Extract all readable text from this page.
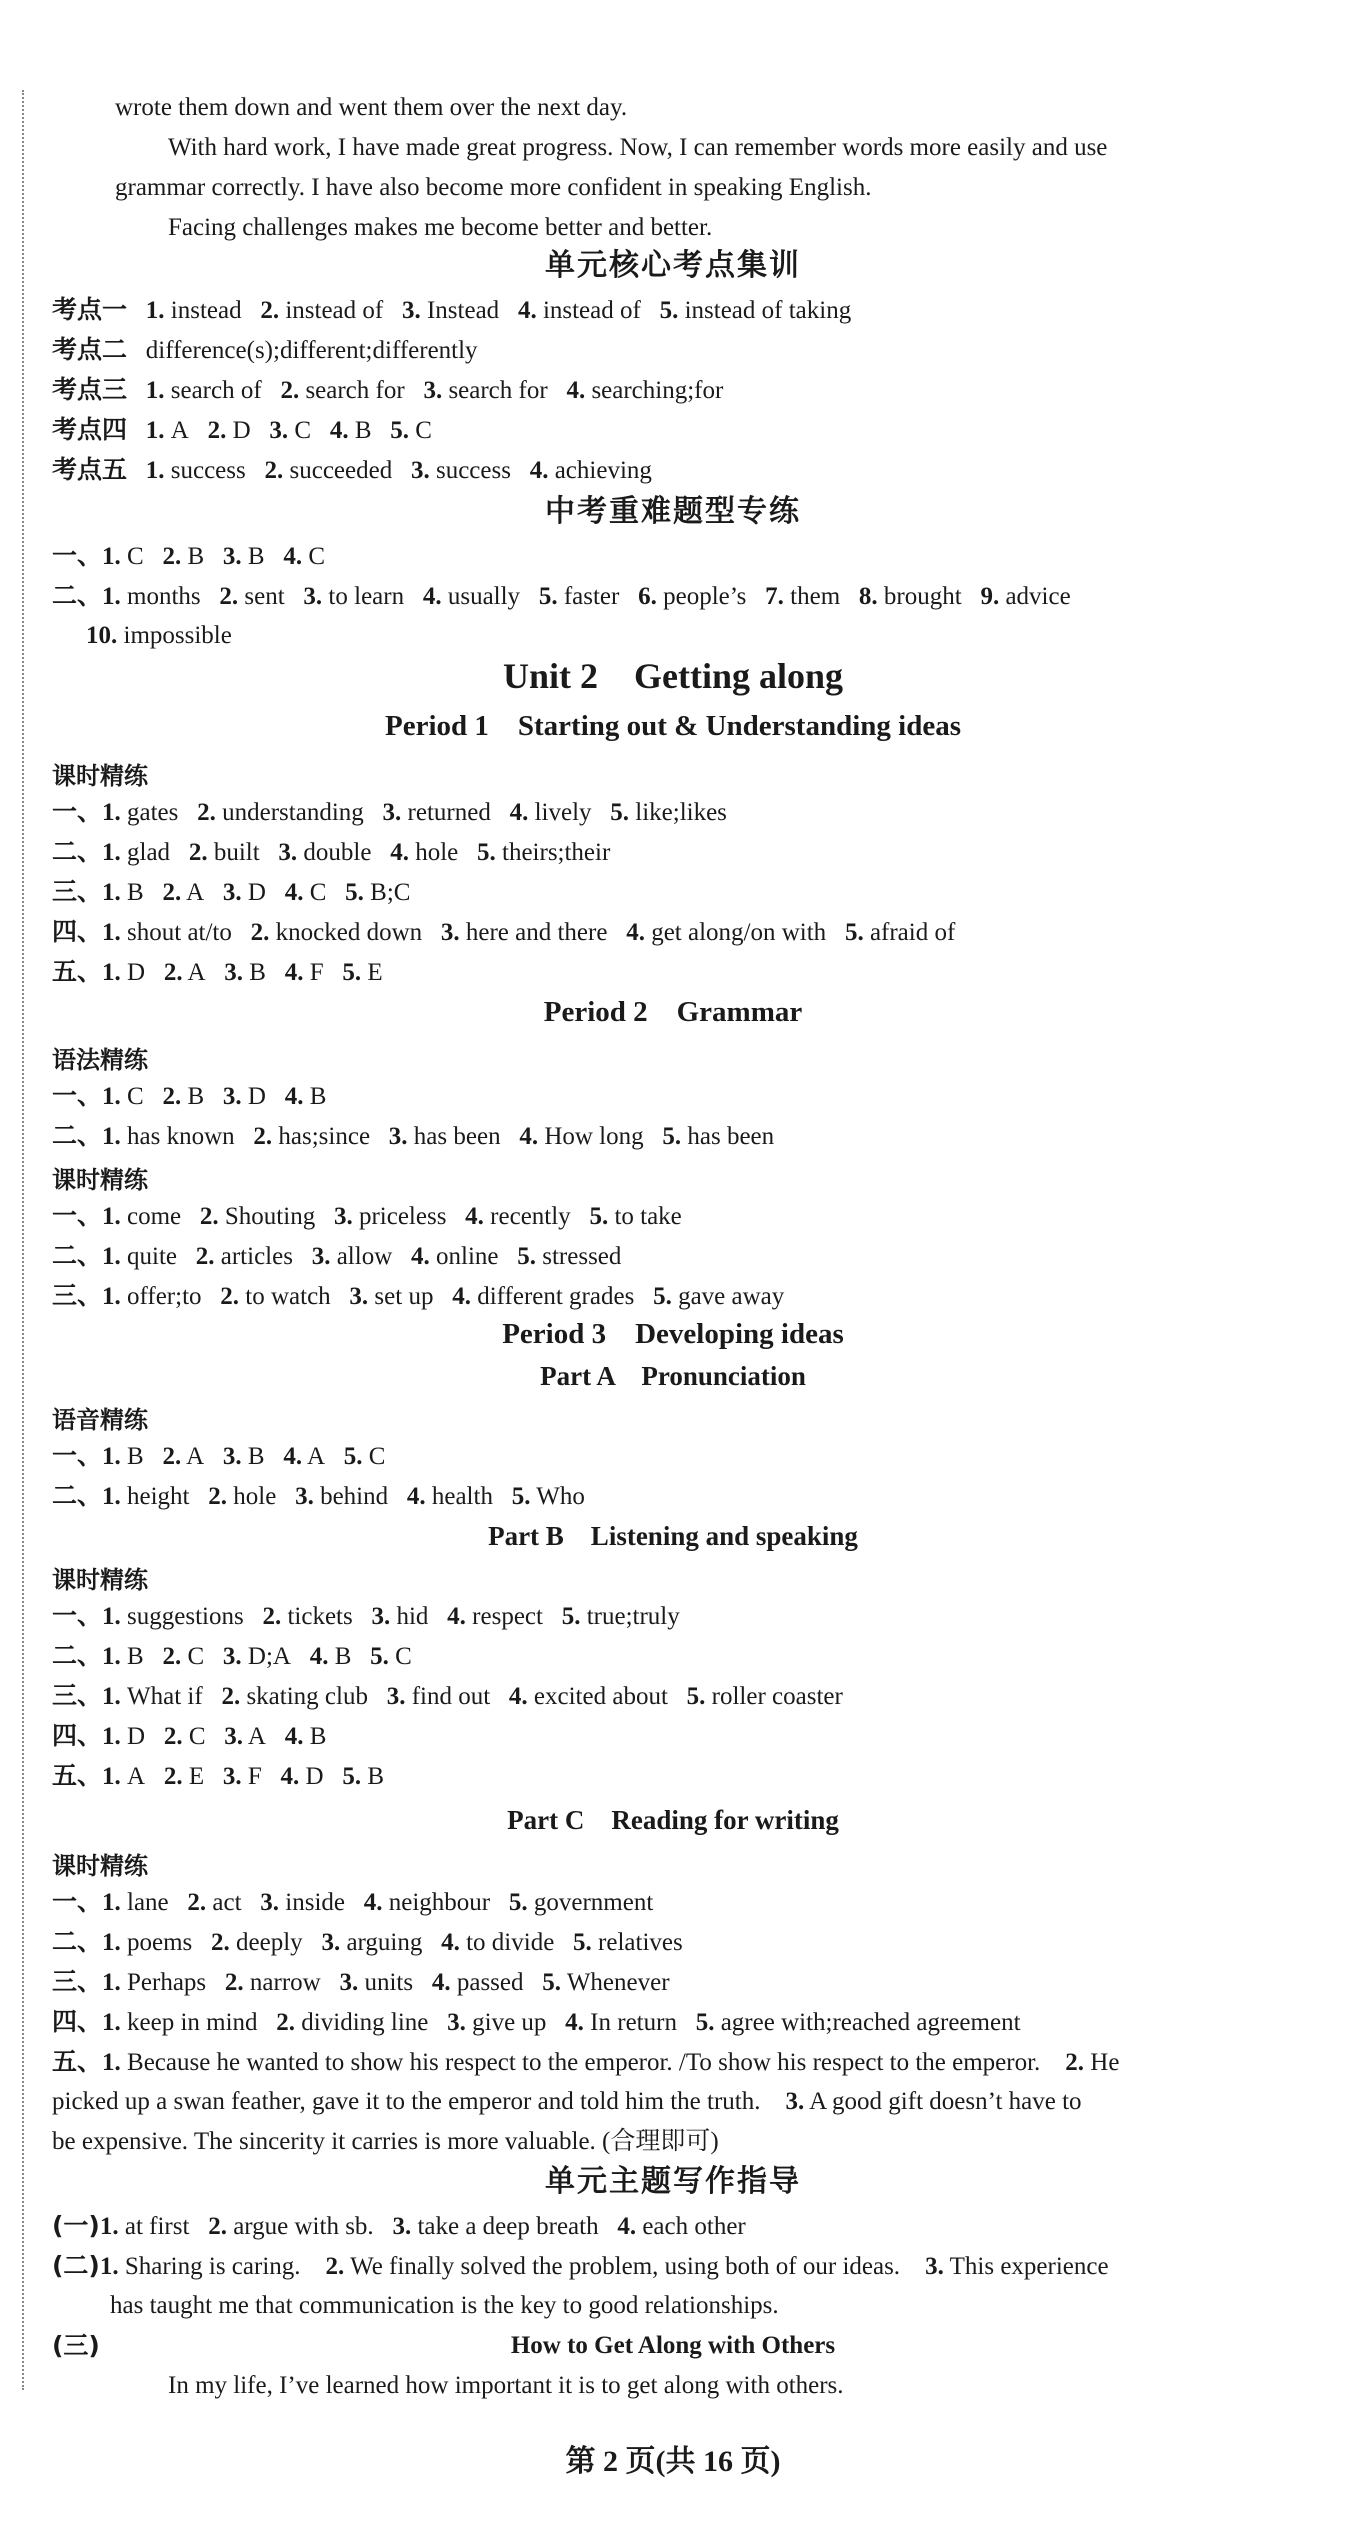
wrote them down and went them over the next day.
With hard work, I have made great progress. Now, I can remember words more easily and use
grammar correctly. I have also become more confident in speaking English.
Facing challenges makes me become better and better.
单元核心考点集训
考点一 1. instead 2. instead of 3. Instead 4. instead of 5. instead of taking
考点二 difference(s);different;differently
考点三 1. search of 2. search for 3. search for 4. searching;for
考点四 1. A 2. D 3. C 4. B 5. C
考点五 1. success 2. succeeded 3. success 4. achieving
中考重难题型专练
一、1. C 2. B 3. B 4. C
二、1. months 2. sent 3. to learn 4. usually 5. faster 6. people’s 7. them 8. brought 9. advice
10. impossible
Unit 2    Getting along
Period 1    Starting out & Understanding ideas
课时精练
一、1. gates 2. understanding 3. returned 4. lively 5. like;likes
二、1. glad 2. built 3. double 4. hole 5. theirs;their
三、1. B 2. A 3. D 4. C 5. B;C
四、1. shout at/to 2. knocked down 3. here and there 4. get along/on with 5. afraid of
五、1. D 2. A 3. B 4. F 5. E
Period 2    Grammar
语法精练
一、1. C 2. B 3. D 4. B
二、1. has known 2. has;since 3. has been 4. How long 5. has been
课时精练
一、1. come 2. Shouting 3. priceless 4. recently 5. to take
二、1. quite 2. articles 3. allow 4. online 5. stressed
三、1. offer;to 2. to watch 3. set up 4. different grades 5. gave away
Period 3    Developing ideas
Part A    Pronunciation
语音精练
一、1. B 2. A 3. B 4. A 5. C
二、1. height 2. hole 3. behind 4. health 5. Who
Part B    Listening and speaking
课时精练
一、1. suggestions 2. tickets 3. hid 4. respect 5. true;truly
二、1. B 2. C 3. D;A 4. B 5. C
三、1. What if 2. skating club 3. find out 4. excited about 5. roller coaster
四、1. D 2. C 3. A 4. B
五、1. A 2. E 3. F 4. D 5. B
Part C    Reading for writing
课时精练
一、1. lane 2. act 3. inside 4. neighbour 5. government
二、1. poems 2. deeply 3. arguing 4. to divide 5. relatives
三、1. Perhaps 2. narrow 3. units 4. passed 5. Whenever
四、1. keep in mind 2. dividing line 3. give up 4. In return 5. agree with;reached agreement
五、1. Because he wanted to show his respect to the emperor. /To show his respect to the emperor. 2. He
picked up a swan feather, gave it to the emperor and told him the truth. 3. A good gift doesn’t have to
be expensive. The sincerity it carries is more valuable. (合理即可)
单元主题写作指导
(一)1. at first 2. argue with sb. 3. take a deep breath 4. each other
(二)1. Sharing is caring. 2. We finally solved the problem, using both of our ideas. 3. This experience
has taught me that communication is the key to good relationships.
(三)	How to Get Along with Others
In my life, I’ve learned how important it is to get along with others.
第 2 页(共 16 页)
